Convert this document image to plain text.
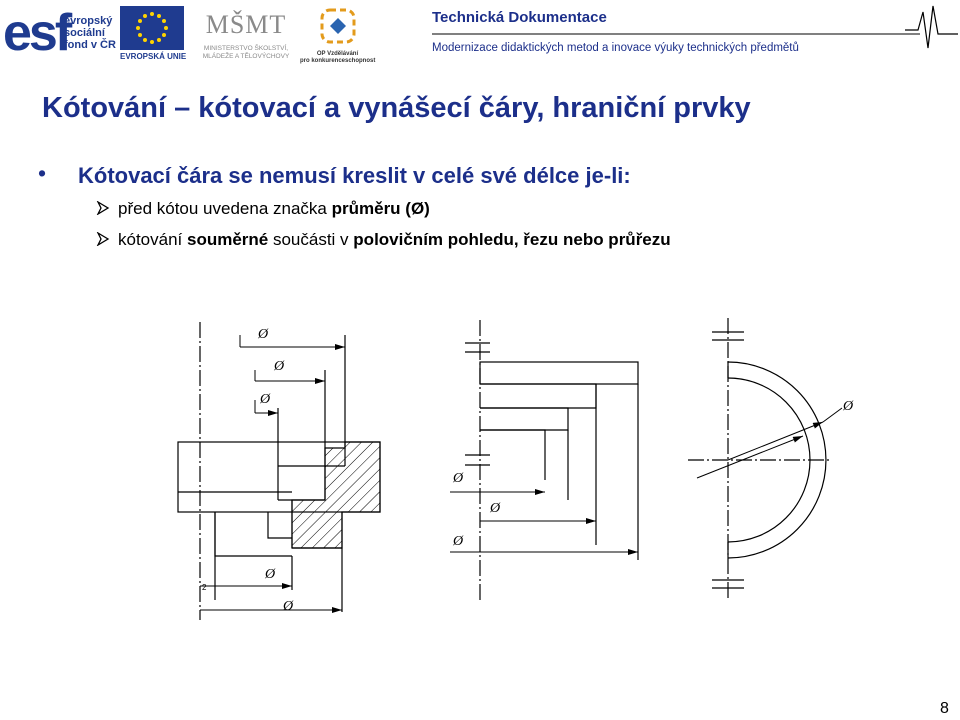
esf
evropský
sociální
fond v ČR
EVROPSKÁ UNIE
MŠMT
MINISTERSTVO ŠKOLSTVÍ,
MLÁDEŽE A TĚLOVÝCHOVY	OP Vzdělávání
pro konkurenceschopnost
Technická Dokumentace
Modernizace didaktických metod a inovace výuky technických předmětů
Kótování – kótovací a vynášecí čáry, hraniční prvky
• Kótovací čára se nemusí kreslit v celé své délce je-li:
před kótou uvedena značka průměru (Ø)
kótování souměrné součásti v polovičním pohledu, řezu nebo průřezu
Ø
Ø
Ø
Ø
Ø
Ø
Ø
Ø
Ø
2
8
